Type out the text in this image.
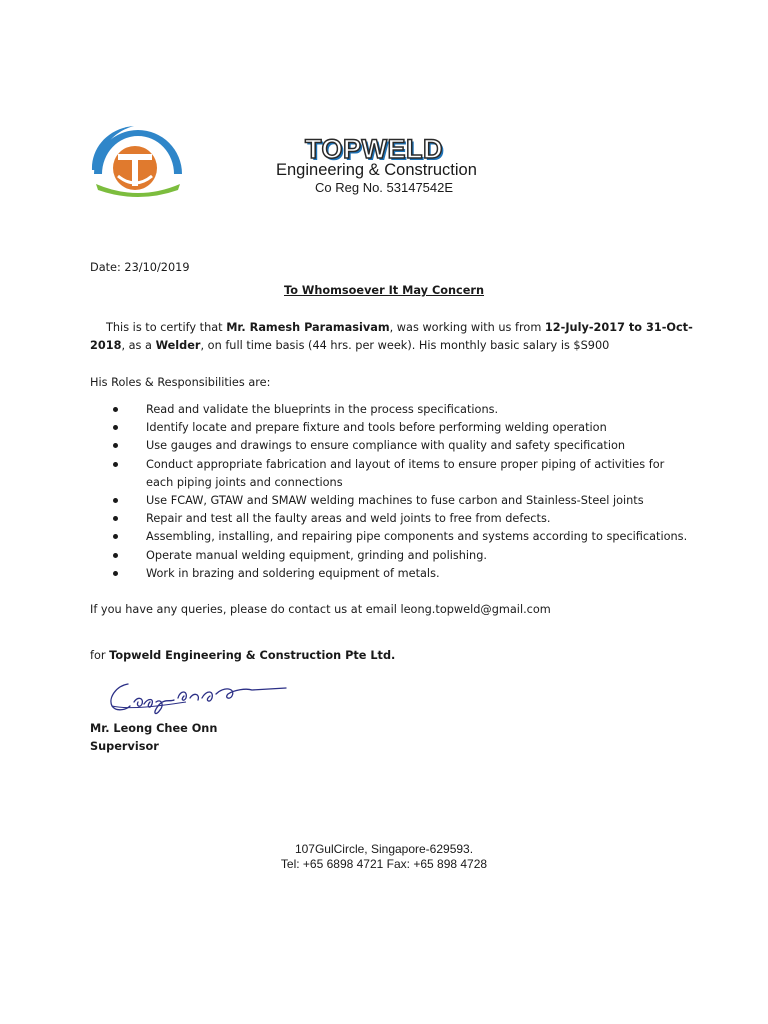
TOPWELD
Engineering & Construction
Co Reg No. 53147542E
Date: 23/10/2019
To Whomsoever It May Concern
This is to certify that Mr. Ramesh Paramasivam, was working with us from 12-July-2017 to 31-Oct-
2018, as a Welder, on full time basis (44 hrs. per week). His monthly basic salary is $S900
His Roles & Responsibilities are:
Read and validate the blueprints in the process specifications.
Identify locate and prepare fixture and tools before performing welding operation
Use gauges and drawings to ensure compliance with quality and safety specification
Conduct appropriate fabrication and layout of items to ensure proper piping of activities for
each piping joints and connections
Use FCAW, GTAW and SMAW welding machines to fuse carbon and Stainless-Steel joints
Repair and test all the faulty areas and weld joints to free from defects.
Assembling, installing, and repairing pipe components and systems according to specifications.
Operate manual welding equipment, grinding and polishing.
Work in brazing and soldering equipment of metals.
If you have any queries, please do contact us at email leong.topweld@gmail.com
for Topweld Engineering & Construction Pte Ltd.
Mr. Leong Chee Onn
Supervisor
107GulCircle, Singapore-629593.
Tel: +65 6898 4721 Fax: +65 898 4728
